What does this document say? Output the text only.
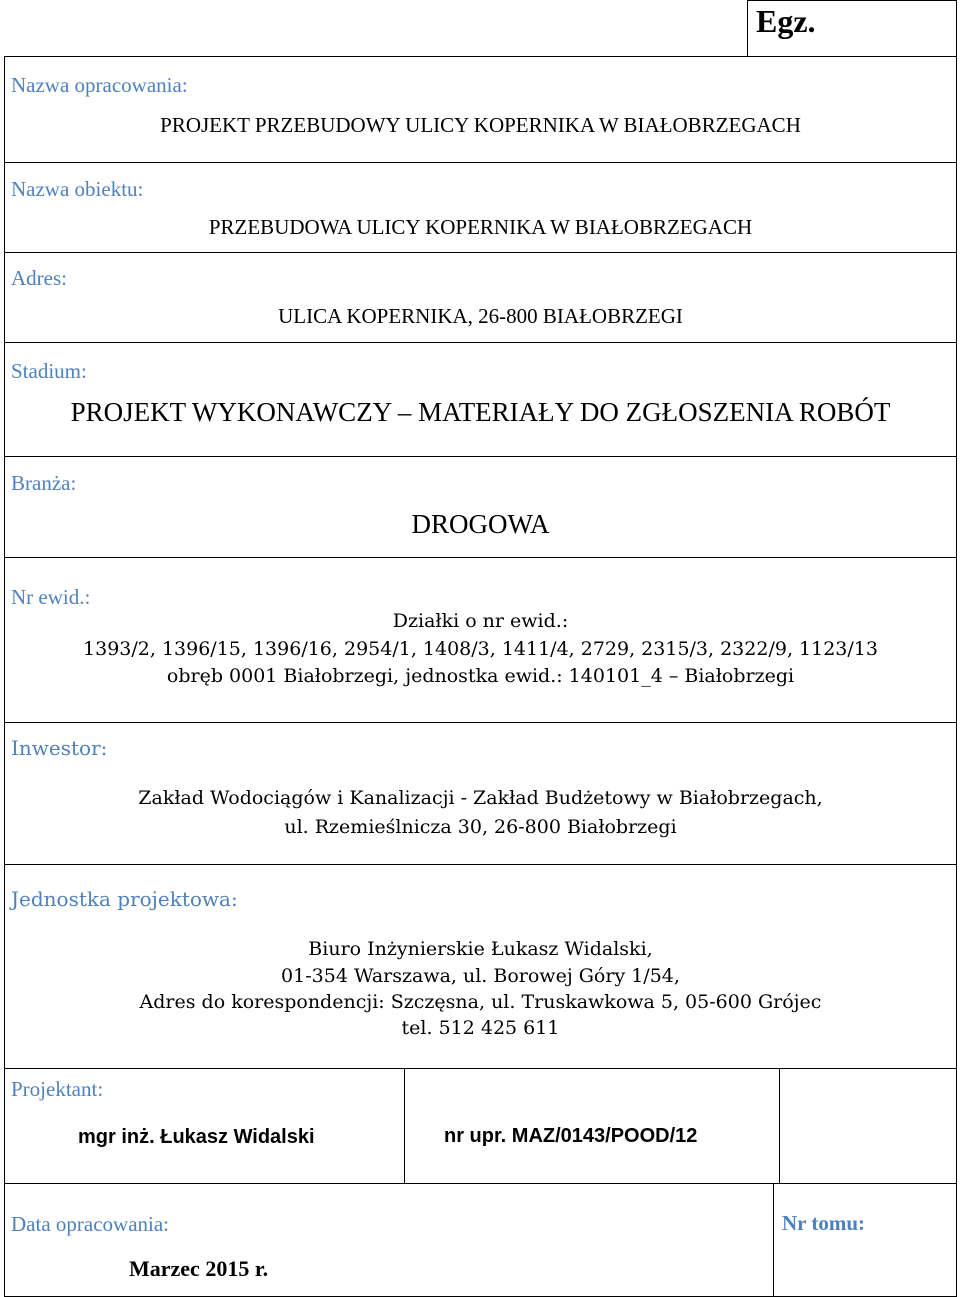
Egz.
Nazwa opracowania:
PROJEKT PRZEBUDOWY ULICY KOPERNIKA W BIAŁOBRZEGACH
Nazwa obiektu:
PRZEBUDOWA ULICY KOPERNIKA W BIAŁOBRZEGACH
Adres:
ULICA KOPERNIKA, 26-800 BIAŁOBRZEGI
Stadium:
PROJEKT WYKONAWCZY – MATERIAŁY DO ZGŁOSZENIA ROBÓT
Branża:
DROGOWA
Nr ewid.:
Działki o nr ewid.:
1393/2, 1396/15, 1396/16, 2954/1, 1408/3, 1411/4, 2729, 2315/3, 2322/9, 1123/13
obręb 0001 Białobrzegi, jednostka ewid.: 140101_4 – Białobrzegi
Inwestor:
Zakład Wodociągów i Kanalizacji - Zakład Budżetowy w Białobrzegach,
ul. Rzemieślnicza 30, 26-800 Białobrzegi
Jednostka projektowa:
Biuro Inżynierskie Łukasz Widalski,
01-354 Warszawa, ul. Borowej Góry 1/54,
Adres do korespondencji: Szczęsna, ul. Truskawkowa 5, 05-600 Grójec
tel. 512 425 611
Projektant:
mgr inż. Łukasz Widalski	nr upr. MAZ/0143/POOD/12
Data opracowania:
Marzec 2015 r.
Nr tomu:
